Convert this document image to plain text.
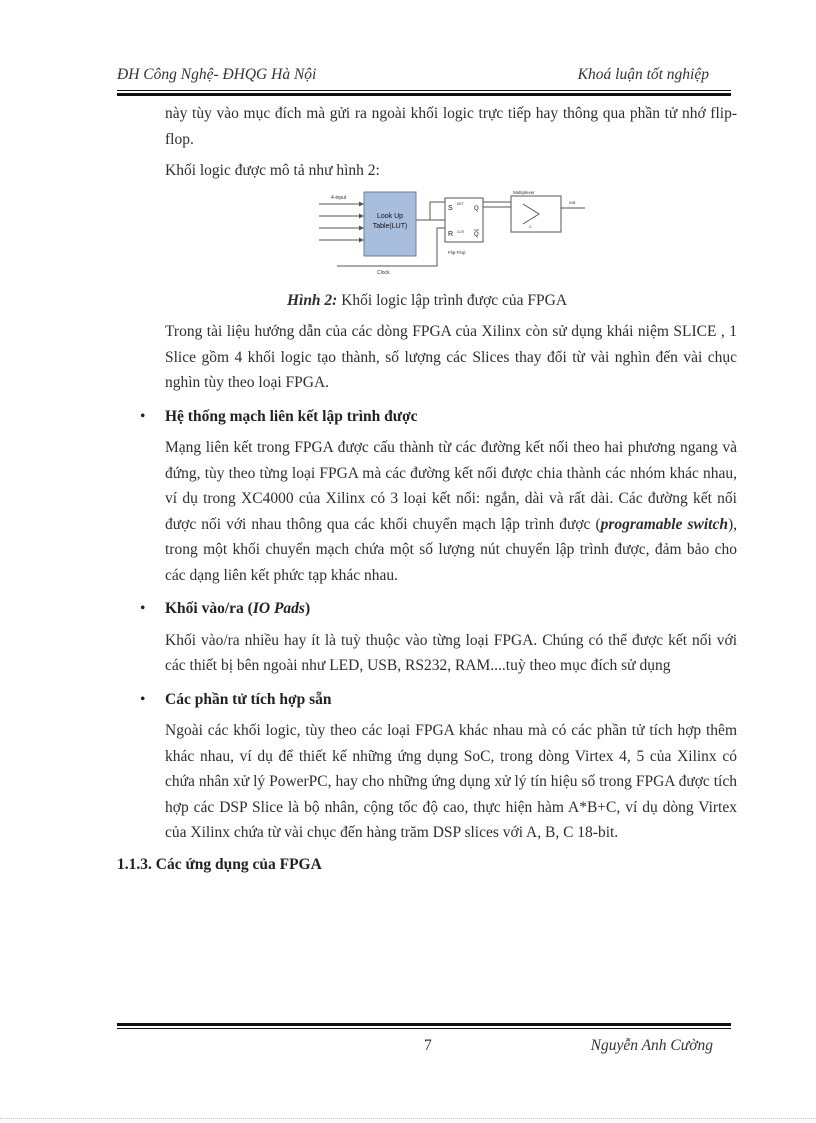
ĐH Công Nghệ- ĐHQG Hà Nội	Khoá luận tốt nghiệp

này tùy vào mục đích mà gửi ra ngoài khối logic trực tiếp hay thông qua phần tử nhớ flip-flop.

Khối logic được mô tả như hình 2:

4-input
Look Up
Table(LUT)
S
R
Q
Q
SET
CLR
Flip-Flop
Multiplexer
C
out
Clock

Hình 2: Khối logic lập trình được của FPGA

Trong tài liệu hướng dẫn của các dòng FPGA của Xilinx còn sử dụng khái niệm SLICE , 1 Slice gồm 4 khối logic tạo thành, số lượng các Slices thay đổi từ vài nghìn đến vài chục nghìn tùy theo loại FPGA.

• Hệ thống mạch liên kết lập trình được

Mạng liên kết trong FPGA được cấu thành từ các đường kết nối theo hai phương ngang và đứng, tùy theo từng loại FPGA mà các đường kết nối được chia thành các nhóm khác nhau, ví dụ trong XC4000 của Xilinx có 3 loại kết nối: ngắn, dài và rất dài. Các đường kết nối được nối với nhau thông qua các khối chuyển mạch lập trình được (programable switch), trong một khối chuyển mạch chứa một số lượng nút chuyển lập trình được, đảm bảo cho các dạng liên kết phức tạp khác nhau.

• Khối vào/ra (IO Pads)

Khối vào/ra nhiều hay ít là tuỳ thuộc vào từng loại FPGA. Chúng có thể được kết nối với các thiết bị bên ngoài như LED, USB, RS232, RAM....tuỳ theo mục đích sử dụng

• Các phần tử tích hợp sẵn

Ngoài các khối logic, tùy theo các loại FPGA khác nhau mà có các phần tử tích hợp thêm khác nhau, ví dụ để thiết kế những ứng dụng SoC, trong dòng Virtex 4, 5 của Xilinx có chứa nhân xử lý PowerPC, hay cho những ứng dụng xử lý tín hiệu số trong FPGA được tích hợp các DSP Slice là bộ nhân, cộng tốc độ cao, thực hiện hàm A*B+C, ví dụ dòng Virtex của Xilinx chứa từ vài chục đến hàng trăm DSP slices với A, B, C 18-bit.

1.1.3. Các ứng dụng của FPGA
7	Nguyễn Anh Cường
